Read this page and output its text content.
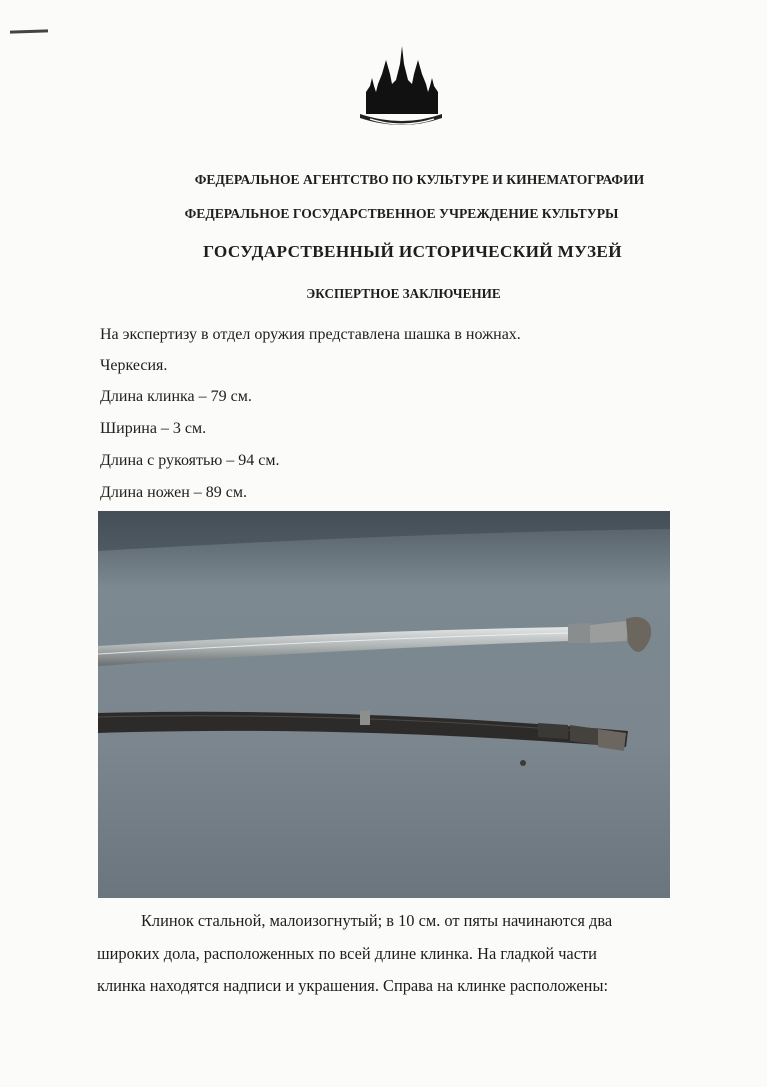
ФЕДЕРАЛЬНОЕ АГЕНТСТВО ПО КУЛЬТУРЕ И КИНЕМАТОГРАФИИ
ФЕДЕРАЛЬНОЕ ГОСУДАРСТВЕННОЕ УЧРЕЖДЕНИЕ КУЛЬТУРЫ
ГОСУДАРСТВЕННЫЙ ИСТОРИЧЕСКИЙ МУЗЕЙ
ЭКСПЕРТНОЕ ЗАКЛЮЧЕНИЕ
На экспертизу в отдел оружия представлена шашка в ножнах.
Черкесия.
Длина клинка – 79 см.
Ширина – 3 см.
Длина с рукоятью – 94 см.
Длина ножен – 89 см.
Клинок стальной, малоизогнутый; в 10 см. от пяты начинаются два
широких дола, расположенных по всей длине клинка. На гладкой части
клинка находятся надписи и украшения. Справа на клинке расположены:
